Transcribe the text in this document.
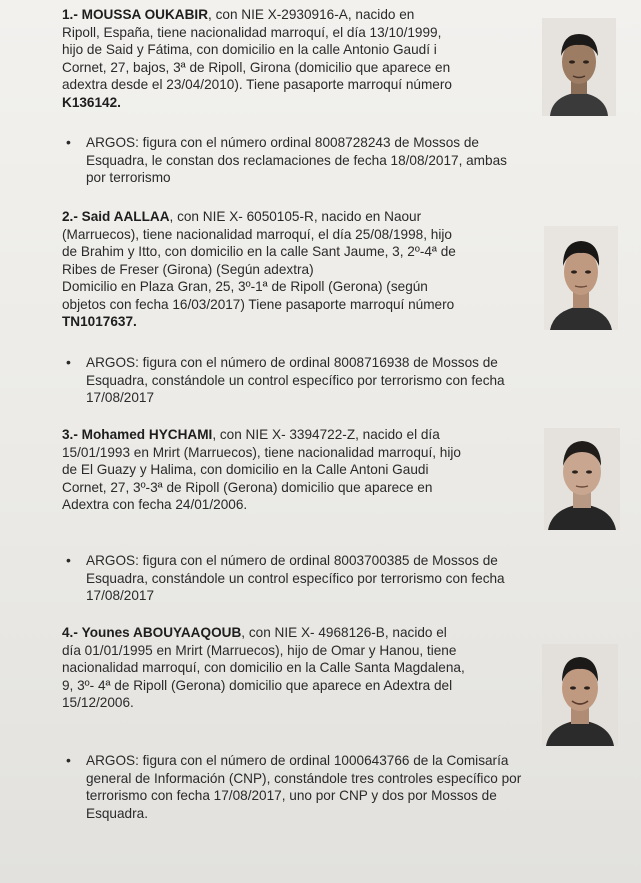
1.- MOUSSA OUKABIR, con NIE X-2930916-A, nacido en
Ripoll, España, tiene nacionalidad marroquí, el día 13/10/1999,
hijo de Said y Fátima, con domicilio en la calle Antonio Gaudí i
Cornet, 27, bajos, 3ª de Ripoll, Girona (domicilio que aparece en
adextra desde el 23/04/2010). Tiene pasaporte marroquí número
K136142.

• ARGOS: figura con el número ordinal 8008728243 de Mossos de
Esquadra, le constan dos reclamaciones de fecha 18/08/2017, ambas
por terrorismo

2.- Said AALLAA, con NIE X- 6050105-R, nacido en Naour
(Marruecos), tiene nacionalidad marroquí, el día 25/08/1998, hijo
de Brahim y Itto, con domicilio en la calle Sant Jaume, 3, 2º-4ª de
Ribes de Freser (Girona) (Según adextra)
Domicilio en Plaza Gran, 25, 3º-1ª de Ripoll (Gerona) (según
objetos con fecha 16/03/2017) Tiene pasaporte marroquí número
TN1017637.

• ARGOS: figura con el número de ordinal 8008716938 de Mossos de
Esquadra, constándole un control específico por terrorismo con fecha
17/08/2017

3.- Mohamed HYCHAMI, con NIE X- 3394722-Z, nacido el día
15/01/1993 en Mrirt (Marruecos), tiene nacionalidad marroquí, hijo
de El Guazy y Halima, con domicilio en la Calle Antoni Gaudi
Cornet, 27, 3º-3ª de Ripoll (Gerona) domicilio que aparece en
Adextra con fecha 24/01/2006.

• ARGOS: figura con el número de ordinal 8003700385 de Mossos de
Esquadra, constándole un control específico por terrorismo con fecha
17/08/2017

4.- Younes ABOUYAAQOUB, con NIE X- 4968126-B, nacido el
día 01/01/1995 en Mrirt (Marruecos), hijo de Omar y Hanou, tiene
nacionalidad marroquí, con domicilio en la Calle Santa Magdalena,
9, 3º- 4ª de Ripoll (Gerona) domicilio que aparece en Adextra del
15/12/2006.

• ARGOS: figura con el número de ordinal 1000643766 de la Comisaría
general de Información (CNP), constándole tres controles específico por
terrorismo con fecha 17/08/2017, uno por CNP y dos por Mossos de
Esquadra.
